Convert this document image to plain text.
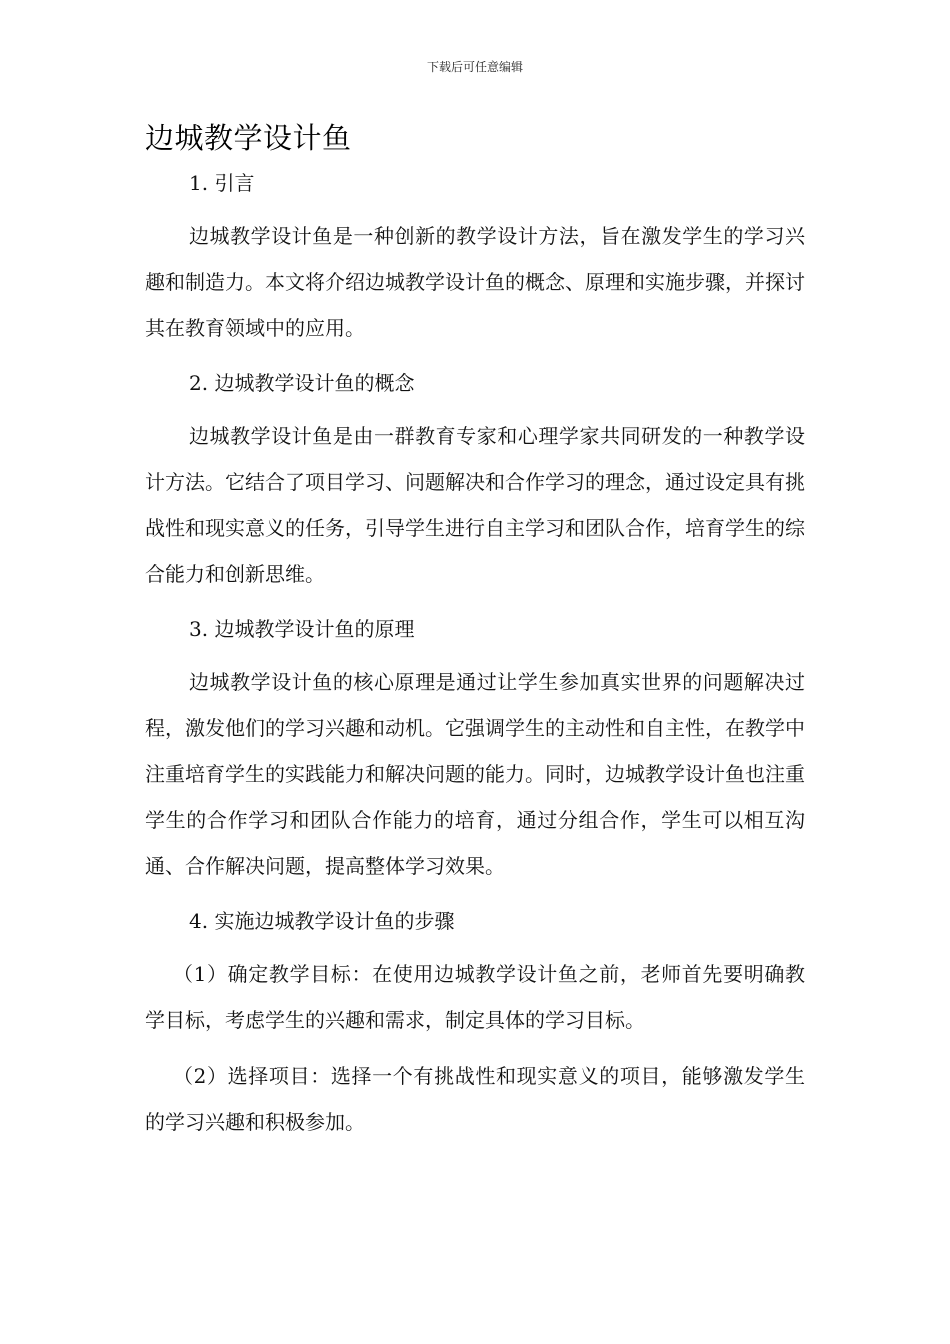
下载后可任意编辑
边城教学设计鱼
1. 引言

边城教学设计鱼是一种创新的教学设计方法，旨在激发学生的学习兴趣和制造力。本文将介绍边城教学设计鱼的概念、原理和实施步骤，并探讨其在教育领域中的应用。

2. 边城教学设计鱼的概念

边城教学设计鱼是由一群教育专家和心理学家共同研发的一种教学设计方法。它结合了项目学习、问题解决和合作学习的理念，通过设定具有挑战性和现实意义的任务，引导学生进行自主学习和团队合作，培育学生的综合能力和创新思维。

3. 边城教学设计鱼的原理

边城教学设计鱼的核心原理是通过让学生参加真实世界的问题解决过程，激发他们的学习兴趣和动机。它强调学生的主动性和自主性，在教学中注重培育学生的实践能力和解决问题的能力。同时，边城教学设计鱼也注重学生的合作学习和团队合作能力的培育，通过分组合作，学生可以相互沟通、合作解决问题，提高整体学习效果。

4. 实施边城教学设计鱼的步骤

（1）确定教学目标：在使用边城教学设计鱼之前，老师首先要明确教学目标，考虑学生的兴趣和需求，制定具体的学习目标。

（2）选择项目：选择一个有挑战性和现实意义的项目，能够激发学生的学习兴趣和积极参加。
